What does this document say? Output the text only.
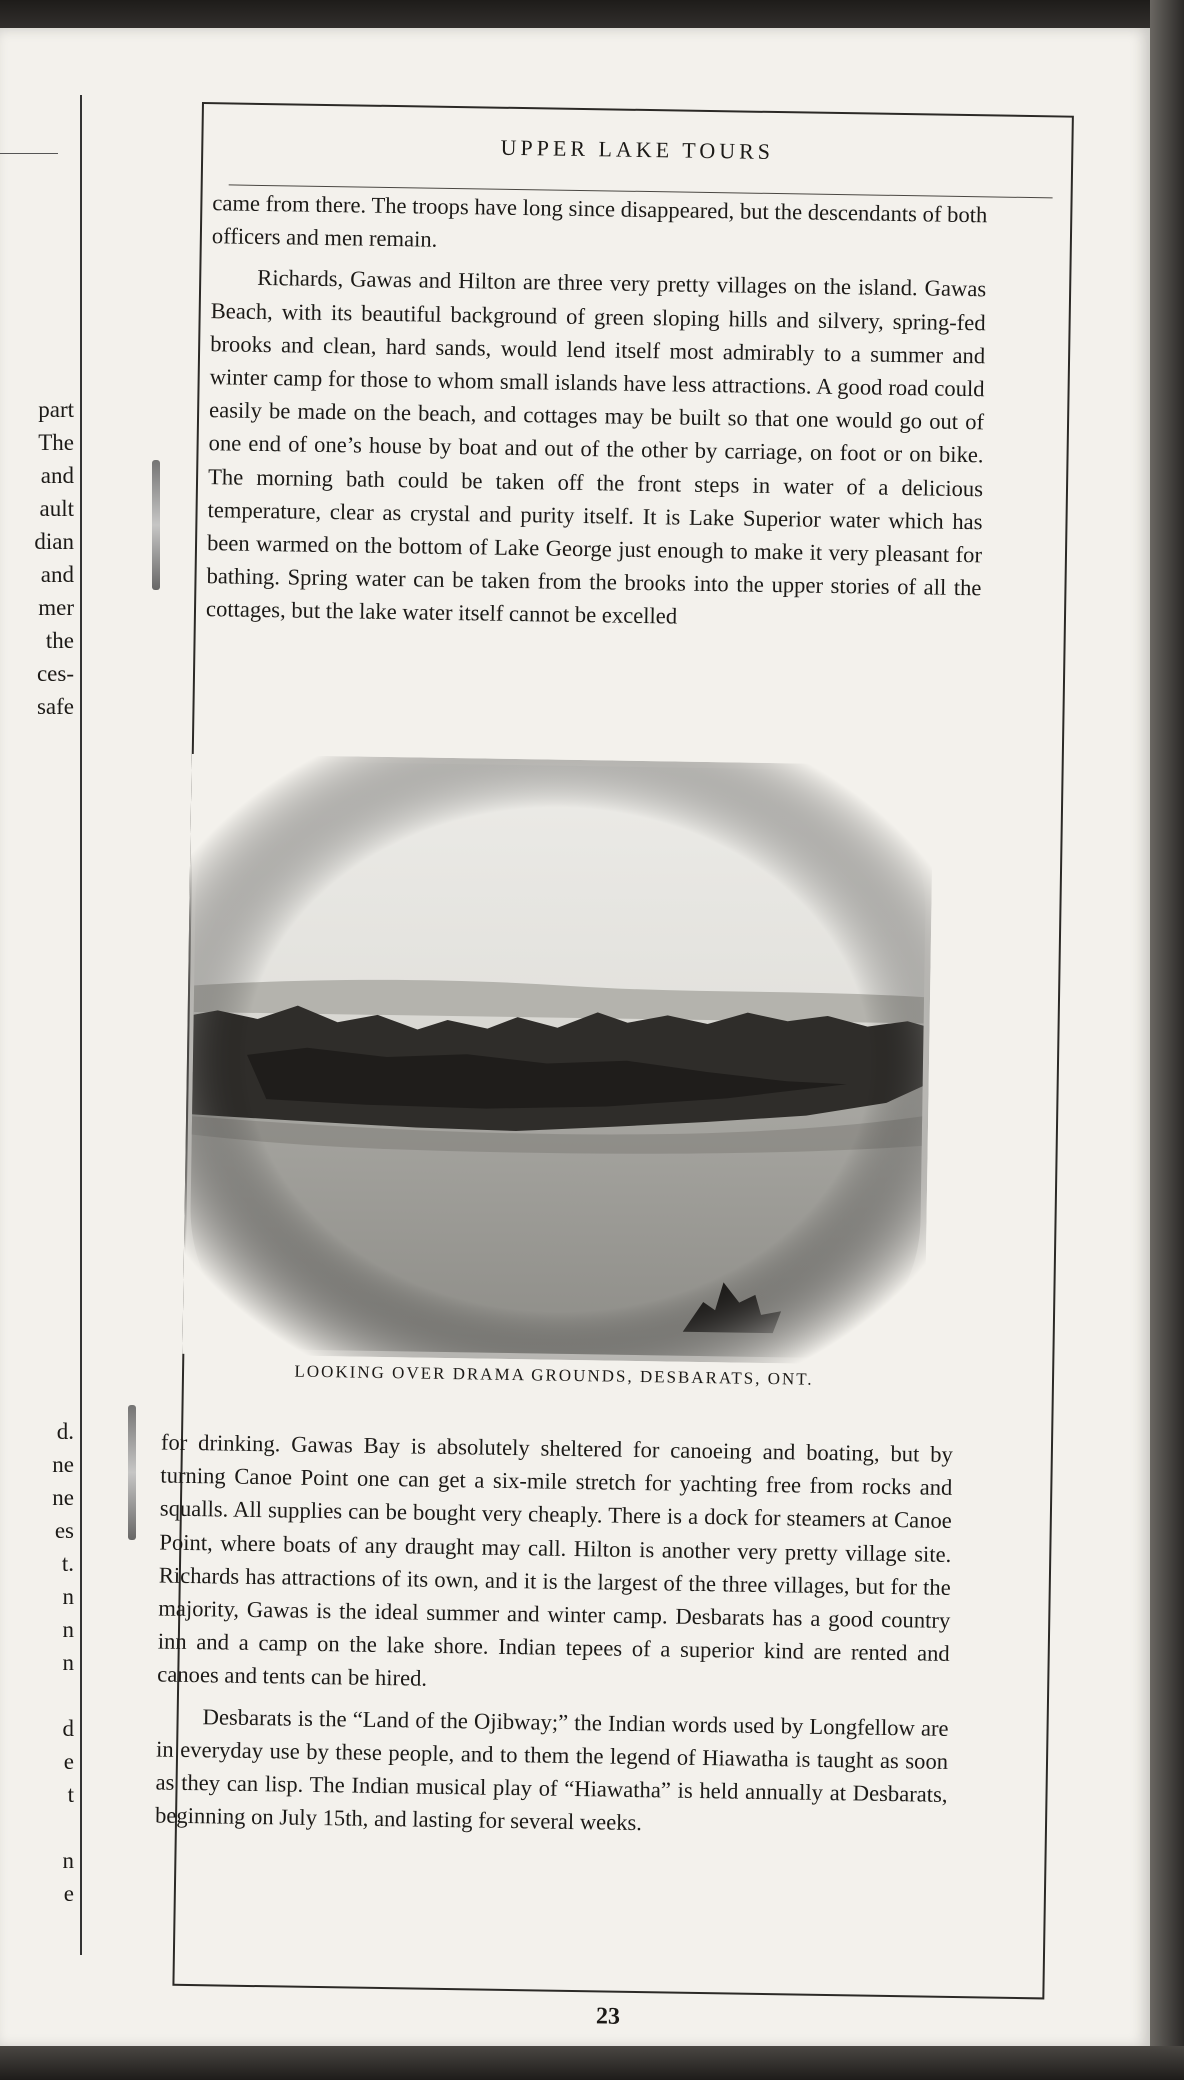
part
The
and
ault
dian
and
mer
the
ces-
safe
d.
ne
ne
es
t.
n
n
n

d
e
t

n
e
UPPER LAKE TOURS

came from there. The troops have long since disappeared, but the descendants of both officers and men remain.

Richards, Gawas and Hilton are three very pretty villages on the island. Gawas Beach, with its beautiful background of green sloping hills and silvery, spring-fed brooks and clean, hard sands, would lend itself most admirably to a summer and winter camp for those to whom small islands have less attractions. A good road could easily be made on the beach, and cottages may be built so that one would go out of one end of one’s house by boat and out of the other by carriage, on foot or on bike. The morning bath could be taken off the front steps in water of a delicious temperature, clear as crystal and purity itself. It is Lake Superior water which has been warmed on the bottom of Lake George just enough to make it very pleasant for bathing. Spring water can be taken from the brooks into the upper stories of all the cottages, but the lake water itself cannot be excelled

LOOKING OVER DRAMA GROUNDS, DESBARATS, ONT.

for drinking. Gawas Bay is absolutely sheltered for canoeing and boating, but by turning Canoe Point one can get a six-mile stretch for yachting free from rocks and squalls. All supplies can be bought very cheaply. There is a dock for steamers at Canoe Point, where boats of any draught may call. Hilton is another very pretty village site. Richards has attractions of its own, and it is the largest of the three villages, but for the majority, Gawas is the ideal summer and winter camp. Desbarats has a good country inn and a camp on the lake shore. Indian tepees of a superior kind are rented and canoes and tents can be hired.

Desbarats is the “Land of the Ojibway;” the Indian words used by Longfellow are in everyday use by these people, and to them the legend of Hiawatha is taught as soon as they can lisp. The Indian musical play of “Hiawatha” is held annually at Desbarats, beginning on July 15th, and lasting for several weeks.

23
